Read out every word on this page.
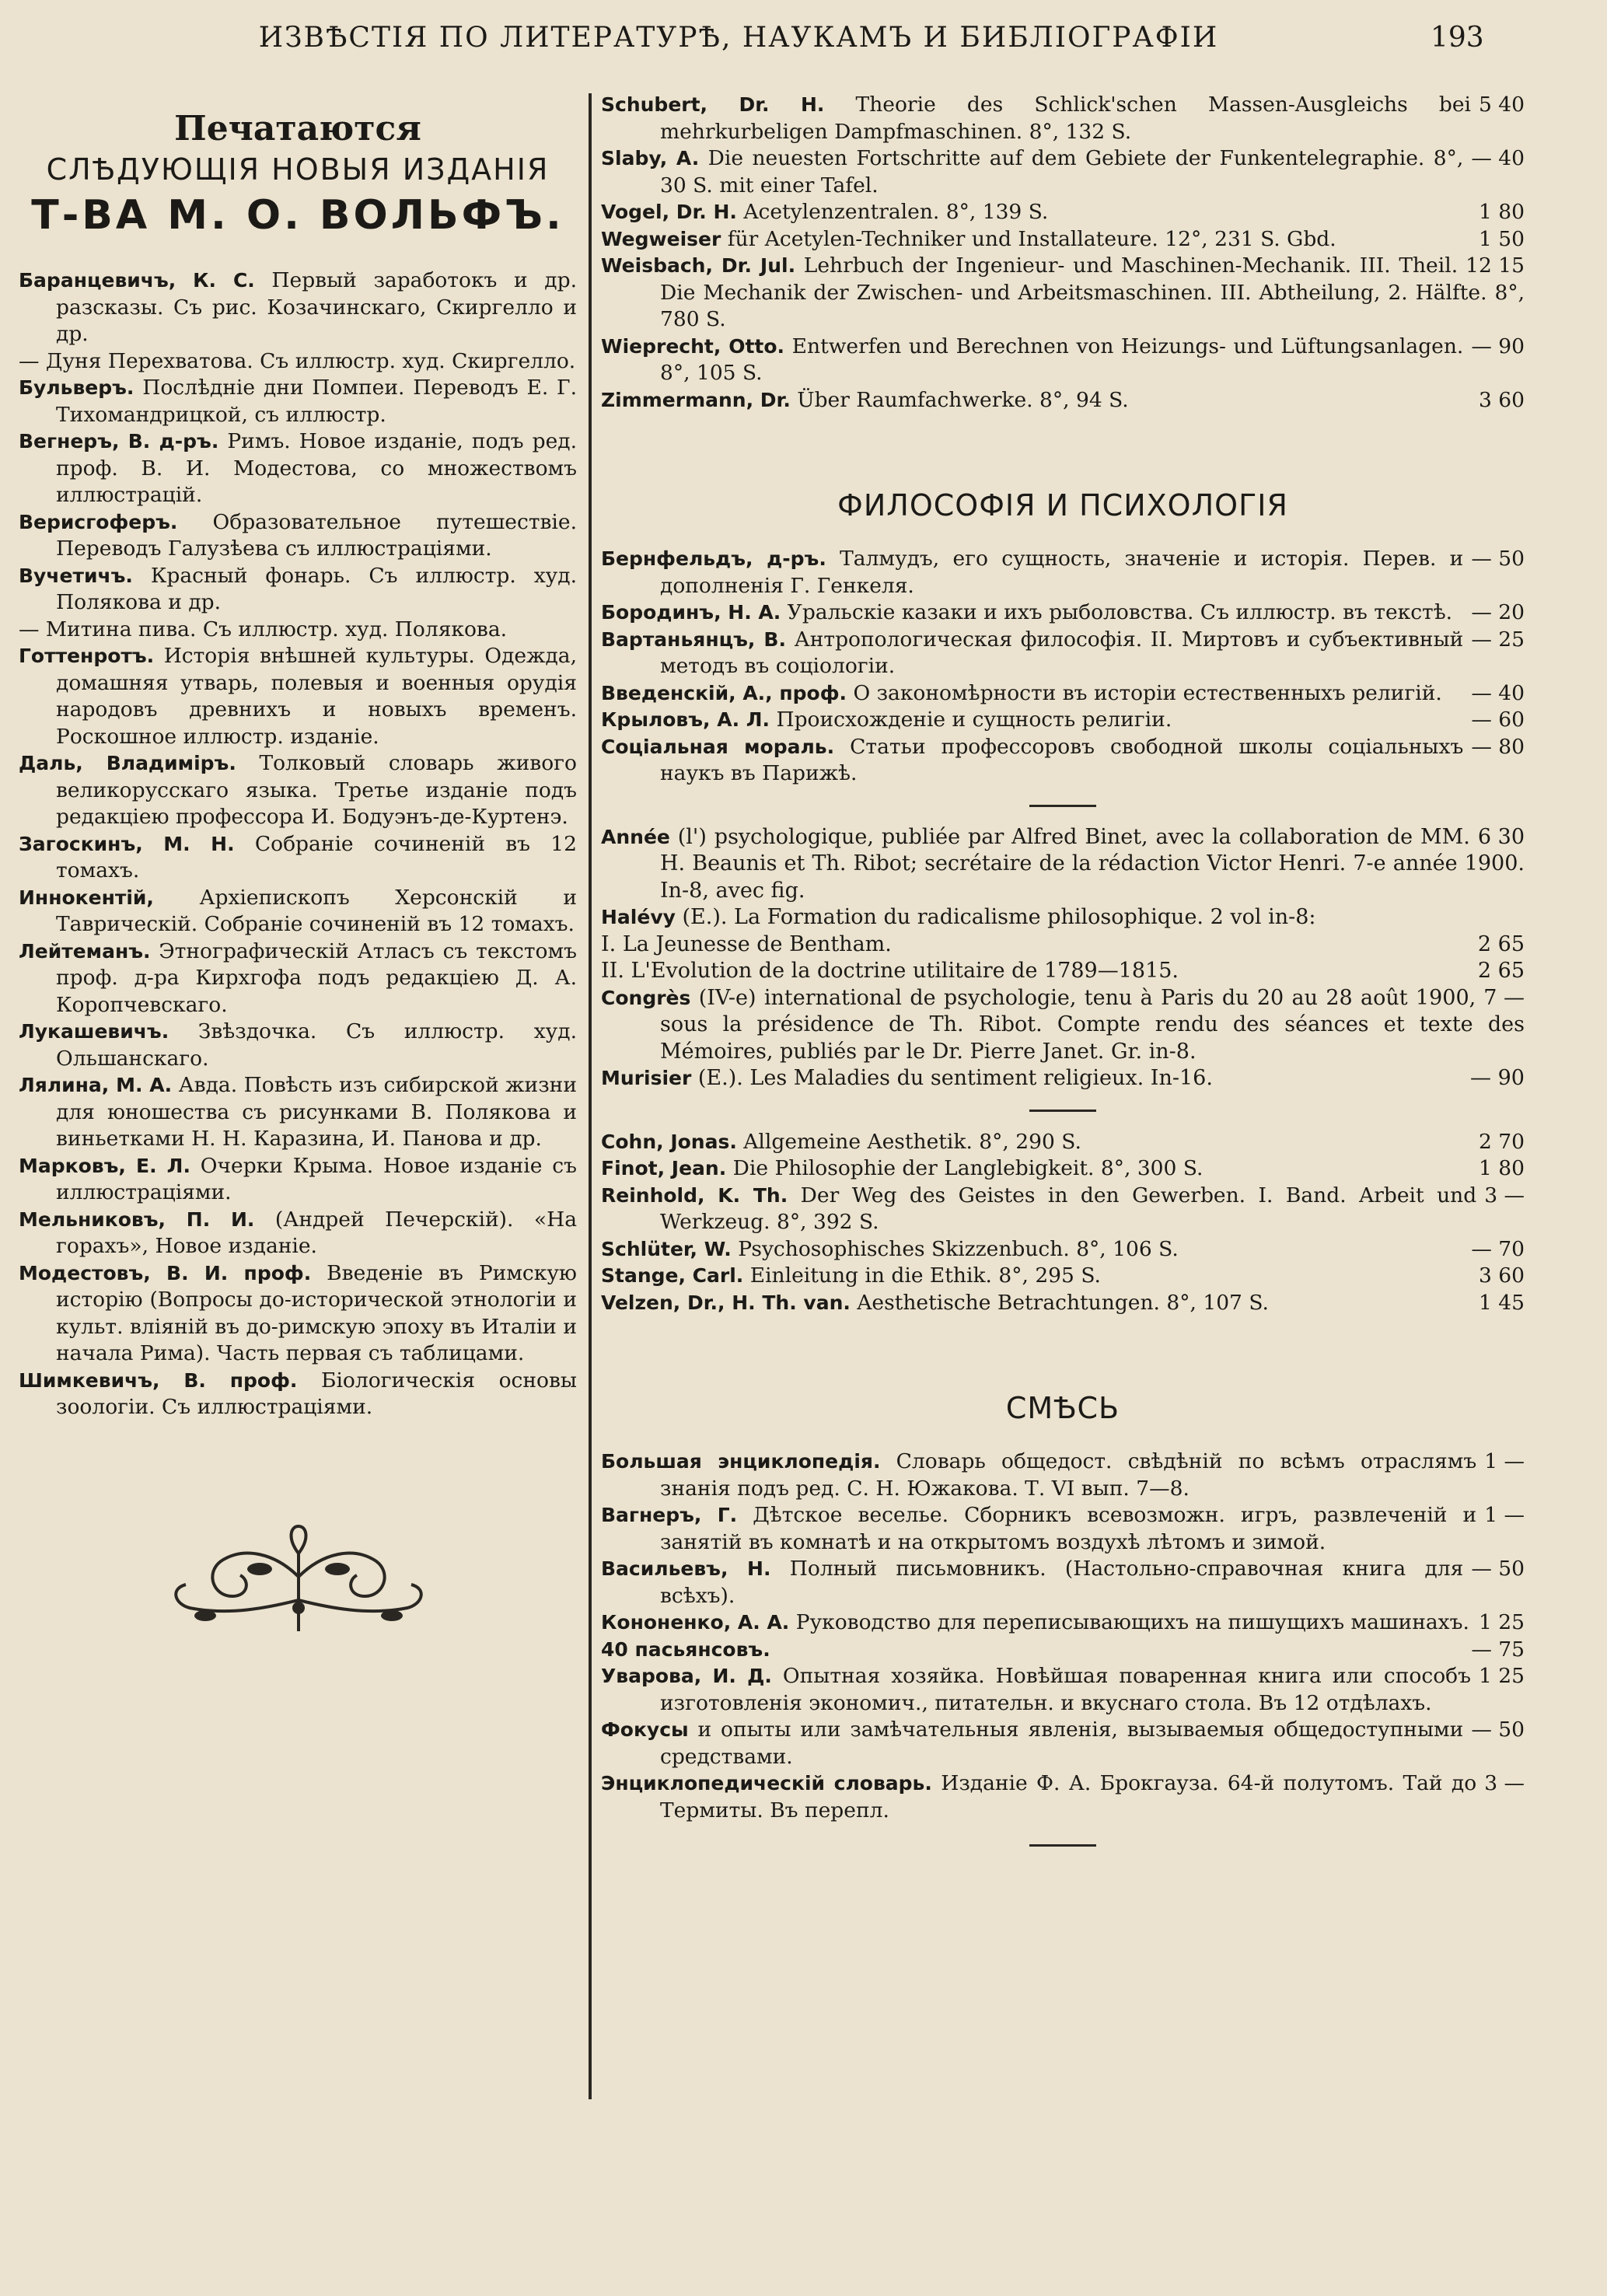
ИЗВѢСТIЯ ПО ЛИТЕРАТУРѢ, НАУКАМЪ И БИБЛIОГРАФIИ	193
Печатаются
СЛѢДУЮЩIЯ НОВЫЯ ИЗДАНIЯ
Т-ВА М. О. ВОЛЬФЪ.
Баранцевичъ, К. С. Первый заработокъ и др. разсказы. Съ рис. Козачинскаго, Скиргелло и др.
— Дуня Перехватова. Съ иллюстр. худ. Скиргелло.
Бульверъ. Послѣдніе дни Помпеи. Переводъ Е. Г. Тихомандрицкой, съ иллюстр.
Вегнеръ, В. д-ръ. Римъ. Новое изданіе, подъ ред. проф. В. И. Модестова, со множествомъ иллюстрацій.
Верисгоферъ. Образовательное путешествіе. Переводъ Галузѣева съ иллюстраціями.
Вучетичъ. Красный фонарь. Съ иллюстр. худ. Полякова и др.
— Митина пива. Съ иллюстр. худ. Полякова.
Готтенротъ. Исторія внѣшней культуры. Одежда, домашняя утварь, полевыя и военныя орудія народовъ древнихъ и новыхъ временъ. Роскошное иллюстр. изданіе.
Даль, Владиміръ. Толковый словарь живого великорусскаго языка. Третье изданіе подъ редакціею профессора И. Бодуэнъ-де-Куртенэ.
Загоскинъ, М. Н. Собраніе сочиненій въ 12 томахъ.
Иннокентій, Архіепископъ Херсонскій и Таврическій. Собраніе сочиненій въ 12 томахъ.
Лейтеманъ. Этнографическій Атласъ съ текстомъ проф. д-ра Кирхгофа подъ редакціею Д. А. Коропчевскаго.
Лукашевичъ. Звѣздочка. Съ иллюстр. худ. Ольшанскаго.
Лялина, М. А. Авда. Повѣсть изъ сибирской жизни для юношества съ рисунками В. Полякова и виньетками Н. Н. Каразина, И. Панова и др.
Марковъ, Е. Л. Очерки Крыма. Новое изданіе съ иллюстраціями.
Мельниковъ, П. И. (Андрей Печерскій). «На горахъ», Новое изданіе.
Модестовъ, В. И. проф. Введеніе въ Римскую исторію (Вопросы до-исторической этнологіи и культ. вліяній въ до-римскую эпоху въ Италіи и начала Рима). Часть первая съ таблицами.
Шимкевичъ, В. проф. Біологическія основы зоологіи. Съ иллюстраціями.
5 40
Schubert, Dr. H. Theorie des Schlick'schen Massen-Ausgleichs bei mehrkurbeligen Dampfmaschinen. 8°, 132 S.
— 40
Slaby, A. Die neuesten Fortschritte auf dem Gebiete der Funkentelegraphie. 8°, 30 S. mit einer Tafel.
1 80
Vogel, Dr. H. Acetylenzentralen. 8°, 139 S.
1 50
Wegweiser für Acetylen-Techniker und Installateure. 12°, 231 S. Gbd.
12 15
Weisbach, Dr. Jul. Lehrbuch der Ingenieur- und Maschinen-Mechanik. III. Theil. Die Mechanik der Zwischen- und Arbeitsmaschinen. III. Abtheilung, 2. Hälfte. 8°, 780 S.
— 90
Wieprecht, Otto. Entwerfen und Berechnen von Heizungs- und Lüftungsanlagen. 8°, 105 S.
3 60
Zimmermann, Dr. Über Raumfachwerke. 8°, 94 S.
ФИЛОСОФIЯ И ПСИХОЛОГIЯ
— 50
Бернфельдъ, д-ръ. Талмудъ, его сущность, значеніе и исторія. Перев. и дополненія Г. Генкеля.
— 20
Бородинъ, Н. А. Уральскіе казаки и ихъ рыболовства. Съ иллюстр. въ текстѣ.
— 25
Вартаньянцъ, В. Антропологическая философія. II. Миртовъ и субъективный методъ въ соціологіи.
— 40
Введенскій, А., проф. О закономѣрности въ исторіи естественныхъ религій.
— 60
Крыловъ, А. Л. Происхожденіе и сущность религіи.
— 80
Соціальная мораль. Статьи профессоровъ свободной школы соціальныхъ наукъ въ Парижѣ.
6 30
Année (l') psychologique, publiée par Alfred Binet, avec la collaboration de MM. H. Beaunis et Th. Ribot; secrétaire de la rédaction Victor Henri. 7-e année 1900. In-8, avec fig.
Halévy (E.). La Formation du radicalisme philosophique. 2 vol in-8:
2 65
I. La Jeunesse de Bentham.
2 65
II. L'Evolution de la doctrine utilitaire de 1789—1815.
7 —
Congrès (IV-e) international de psychologie, tenu à Paris du 20 au 28 août 1900, sous la présidence de Th. Ribot. Compte rendu des séances et texte des Mémoires, publiés par le Dr. Pierre Janet. Gr. in-8.
— 90
Murisier (E.). Les Maladies du sentiment religieux. In-16.
2 70
Cohn, Jonas. Allgemeine Aesthetik. 8°, 290 S.
1 80
Finot, Jean. Die Philosophie der Langlebigkeit. 8°, 300 S.
3 —
Reinhold, K. Th. Der Weg des Geistes in den Gewerben. I. Band. Arbeit und Werkzeug. 8°, 392 S.
— 70
Schlüter, W. Psychosophisches Skizzenbuch. 8°, 106 S.
3 60
Stange, Carl. Einleitung in die Ethik. 8°, 295 S.
1 45
Velzen, Dr., H. Th. van. Aesthetische Betrachtungen. 8°, 107 S.
СМѢСЬ
1 —
Большая энциклопедія. Словарь общедост. свѣдѣній по всѣмъ отраслямъ знанія подъ ред. С. Н. Южакова. Т. VI вып. 7—8.
1 —
Вагнеръ, Г. Дѣтское веселье. Сборникъ всевозможн. игръ, развлеченій и занятій въ комнатѣ и на открытомъ воздухѣ лѣтомъ и зимой.
— 50
Васильевъ, Н. Полный письмовникъ. (Настольно-справочная книга для всѣхъ).
1 25
Кононенко, А. А. Руководство для переписывающихъ на пишущихъ машинахъ.
— 75
40 пасьянсовъ.
1 25
Уварова, И. Д. Опытная хозяйка. Новѣйшая поваренная книга или способъ изготовленія экономич., питательн. и вкуснаго стола. Въ 12 отдѣлахъ.
— 50
Фокусы и опыты или замѣчательныя явленія, вызываемыя общедоступными средствами.
3 —
Энциклопедическій словарь. Изданіе Ф. А. Брокгауза. 64-й полутомъ. Тай до Термиты. Въ перепл.
